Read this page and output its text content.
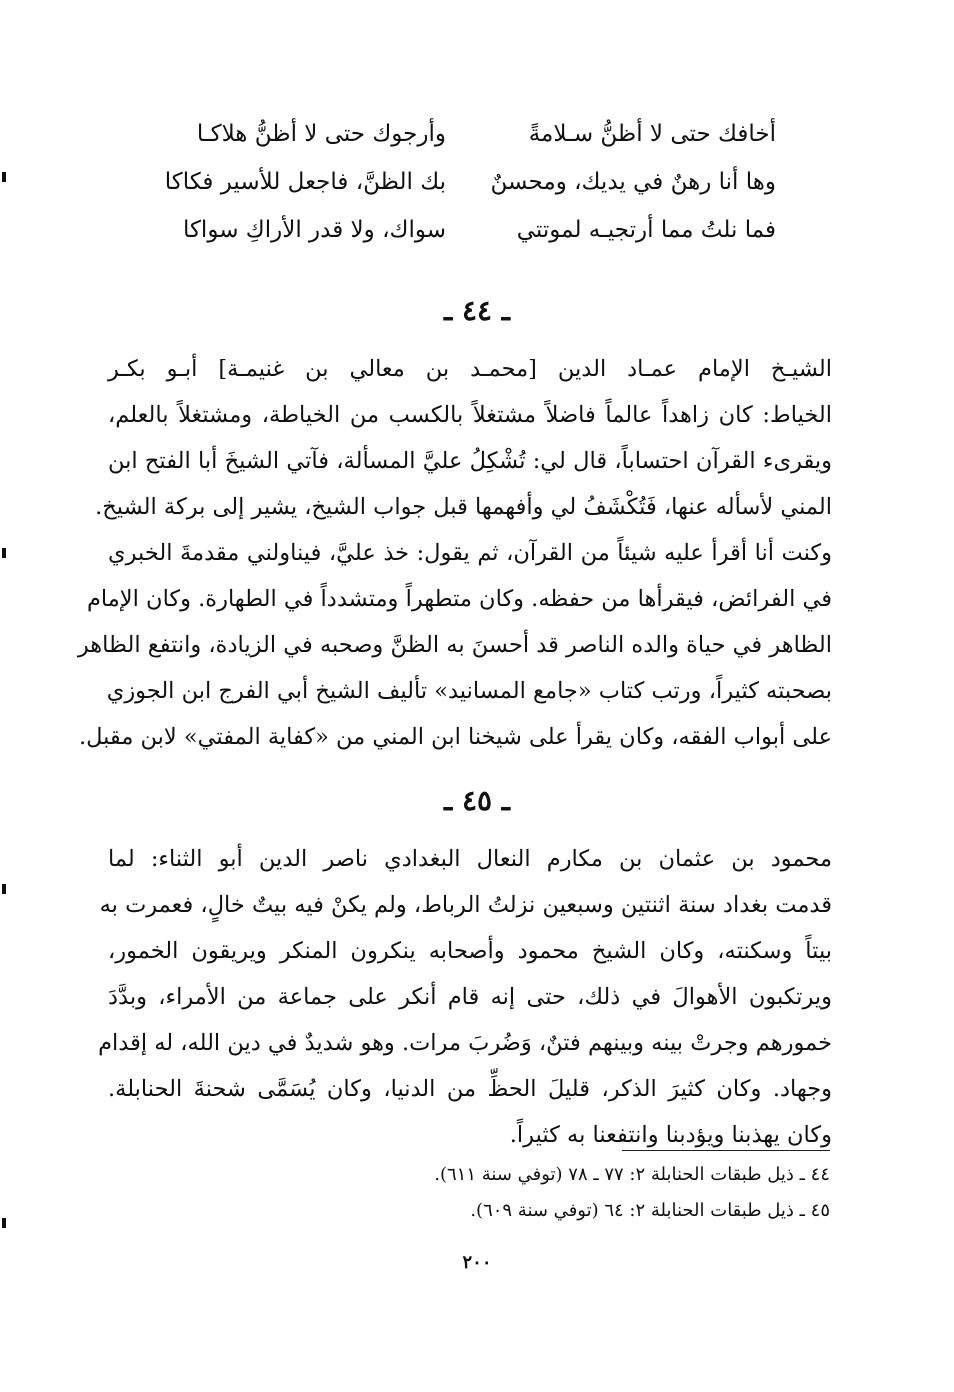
أخافك حتى لا أظنُّ سـلامةً
وها أنا رهنٌ في يديك، ومحسنٌ
فما نلتُ مما أرتجيـه لموتتي
وأرجوك حتى لا أظنُّ هلاكـا
بك الظنَّ، فاجعل للأسير فكاكا
سواك، ولا قدر الأراكِ سواكا
ـ ٤٤ ـ
الشيـخ الإمام عمـاد الدين [محمـد بن معالي بن غنيمـة] أبـو بكـر
الخياط: كان زاهداً عالماً فاضلاً مشتغلاً بالكسب من الخياطة، ومشتغلاً بالعلم،
ويقرىء القرآن احتساباً، قال لي: تُشْكِلُ عليَّ المسألة، فآتي الشيخَ أبا الفتح ابن
المني لأسأله عنها، فَتُكْشَفُ لي وأفهمها قبل جواب الشيخ، يشير إلى بركة الشيخ.
وكنت أنا أقرأ عليه شيئاً من القرآن، ثم يقول: خذ عليَّ، فيناولني مقدمةَ الخبري
في الفرائض، فيقرأها من حفظه. وكان متطهراً ومتشدداً في الطهارة. وكان الإمام
الظاهر في حياة والده الناصر قد أحسنَ به الظنَّ وصحبه في الزيادة، وانتفع الظاهر
بصحبته كثيراً، ورتب كتاب «جامع المسانيد» تأليف الشيخ أبي الفرج ابن الجوزي
على أبواب الفقه، وكان يقرأ على شيخنا ابن المني من «كفاية المفتي» لابن مقبل.
ـ ٤٥ ـ
محمود بن عثمان بن مكارم النعال البغدادي ناصر الدين أبو الثناء: لما
قدمت بغداد سنة اثنتين وسبعين نزلتُ الرباط، ولم يكنْ فيه بيتٌ خالٍ، فعمرت به
بيتاً وسكنته، وكان الشيخ محمود وأصحابه ينكرون المنكر ويريقون الخمور،
ويرتكبون الأهوالَ في ذلك، حتى إنه قام أنكر على جماعة من الأمراء، وبدَّدَ
خمورهم وجرتْ بينه وبينهم فتنٌ، وَضُربَ مرات. وهو شديدٌ في دين الله، له إقدام
وجهاد. وكان كثيرَ الذكر، قليلَ الحظِّ من الدنيا، وكان يُسَمَّى شحنةَ الحنابلة.
وكان يهذبنا ويؤدبنا وانتفعنا به كثيراً.
٤٤ ـ ذيل طبقات الحنابلة ٢: ٧٧ ـ ٧٨ (توفي سنة ٦١١).
٤٥ ـ ذيل طبقات الحنابلة ٢: ٦٤ (توفي سنة ٦٠٩).
٢٠٠
